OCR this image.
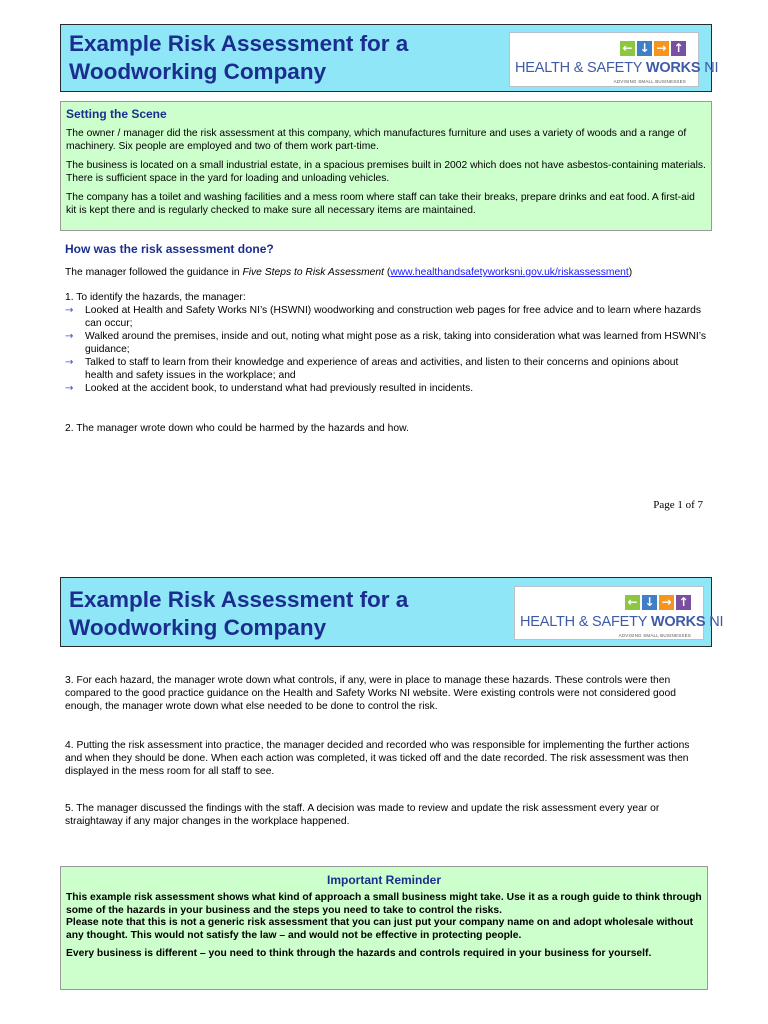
Example Risk Assessment for a
Woodworking Company
← ↓ → ↑
HEALTH & SAFETY WORKS NI
ADVISING SMALL BUSINESSES
Setting the Scene
The owner / manager did the risk assessment at this company, which manufactures furniture and uses a variety of woods and a range of machinery. Six people are employed and two of them work part-time.
The business is located on a small industrial estate, in a spacious premises built in 2002 which does not have asbestos-containing materials. There is sufficient space in the yard for loading and unloading vehicles.
The company has a toilet and washing facilities and a mess room where staff can take their breaks, prepare drinks and eat food. A first-aid kit is kept there and is regularly checked to make sure all necessary items are maintained.
How was the risk assessment done?
The manager followed the guidance in Five Steps to Risk Assessment (www.healthandsafetyworksni.gov.uk/riskassessment)
1. To identify the hazards, the manager:
→ Looked at Health and Safety Works NI’s (HSWNI) woodworking and construction web pages for free advice and to learn where hazards can occur;
→ Walked around the premises, inside and out, noting what might pose as a risk, taking into consideration what was learned from HSWNI’s guidance;
→ Talked to staff to learn from their knowledge and experience of areas and activities, and listen to their concerns and opinions about health and safety issues in the workplace; and
→ Looked at the accident book, to understand what had previously resulted in incidents.
2. The manager wrote down who could be harmed by the hazards and how.
Page 1 of 7
Example Risk Assessment for a
Woodworking Company
← ↓ → ↑
HEALTH & SAFETY WORKS NI
ADVISING SMALL BUSINESSES
3. For each hazard, the manager wrote down what controls, if any, were in place to manage these hazards. These controls were then compared to the good practice guidance on the Health and Safety Works NI website. Were existing controls were not considered good enough, the manager wrote down what else needed to be done to control the risk.
4. Putting the risk assessment into practice, the manager decided and recorded who was responsible for implementing the further actions and when they should be done. When each action was completed, it was ticked off and the date recorded. The risk assessment was then displayed in the mess room for all staff to see.
5. The manager discussed the findings with the staff. A decision was made to review and update the risk assessment every year or straightaway if any major changes in the workplace happened.
Important Reminder
This example risk assessment shows what kind of approach a small business might take. Use it as a rough guide to think through some of the hazards in your business and the steps you need to take to control the risks.
Please note that this is not a generic risk assessment that you can just put your company name on and adopt wholesale without any thought. This would not satisfy the law – and would not be effective in protecting people.
Every business is different – you need to think through the hazards and controls required in your business for yourself.
